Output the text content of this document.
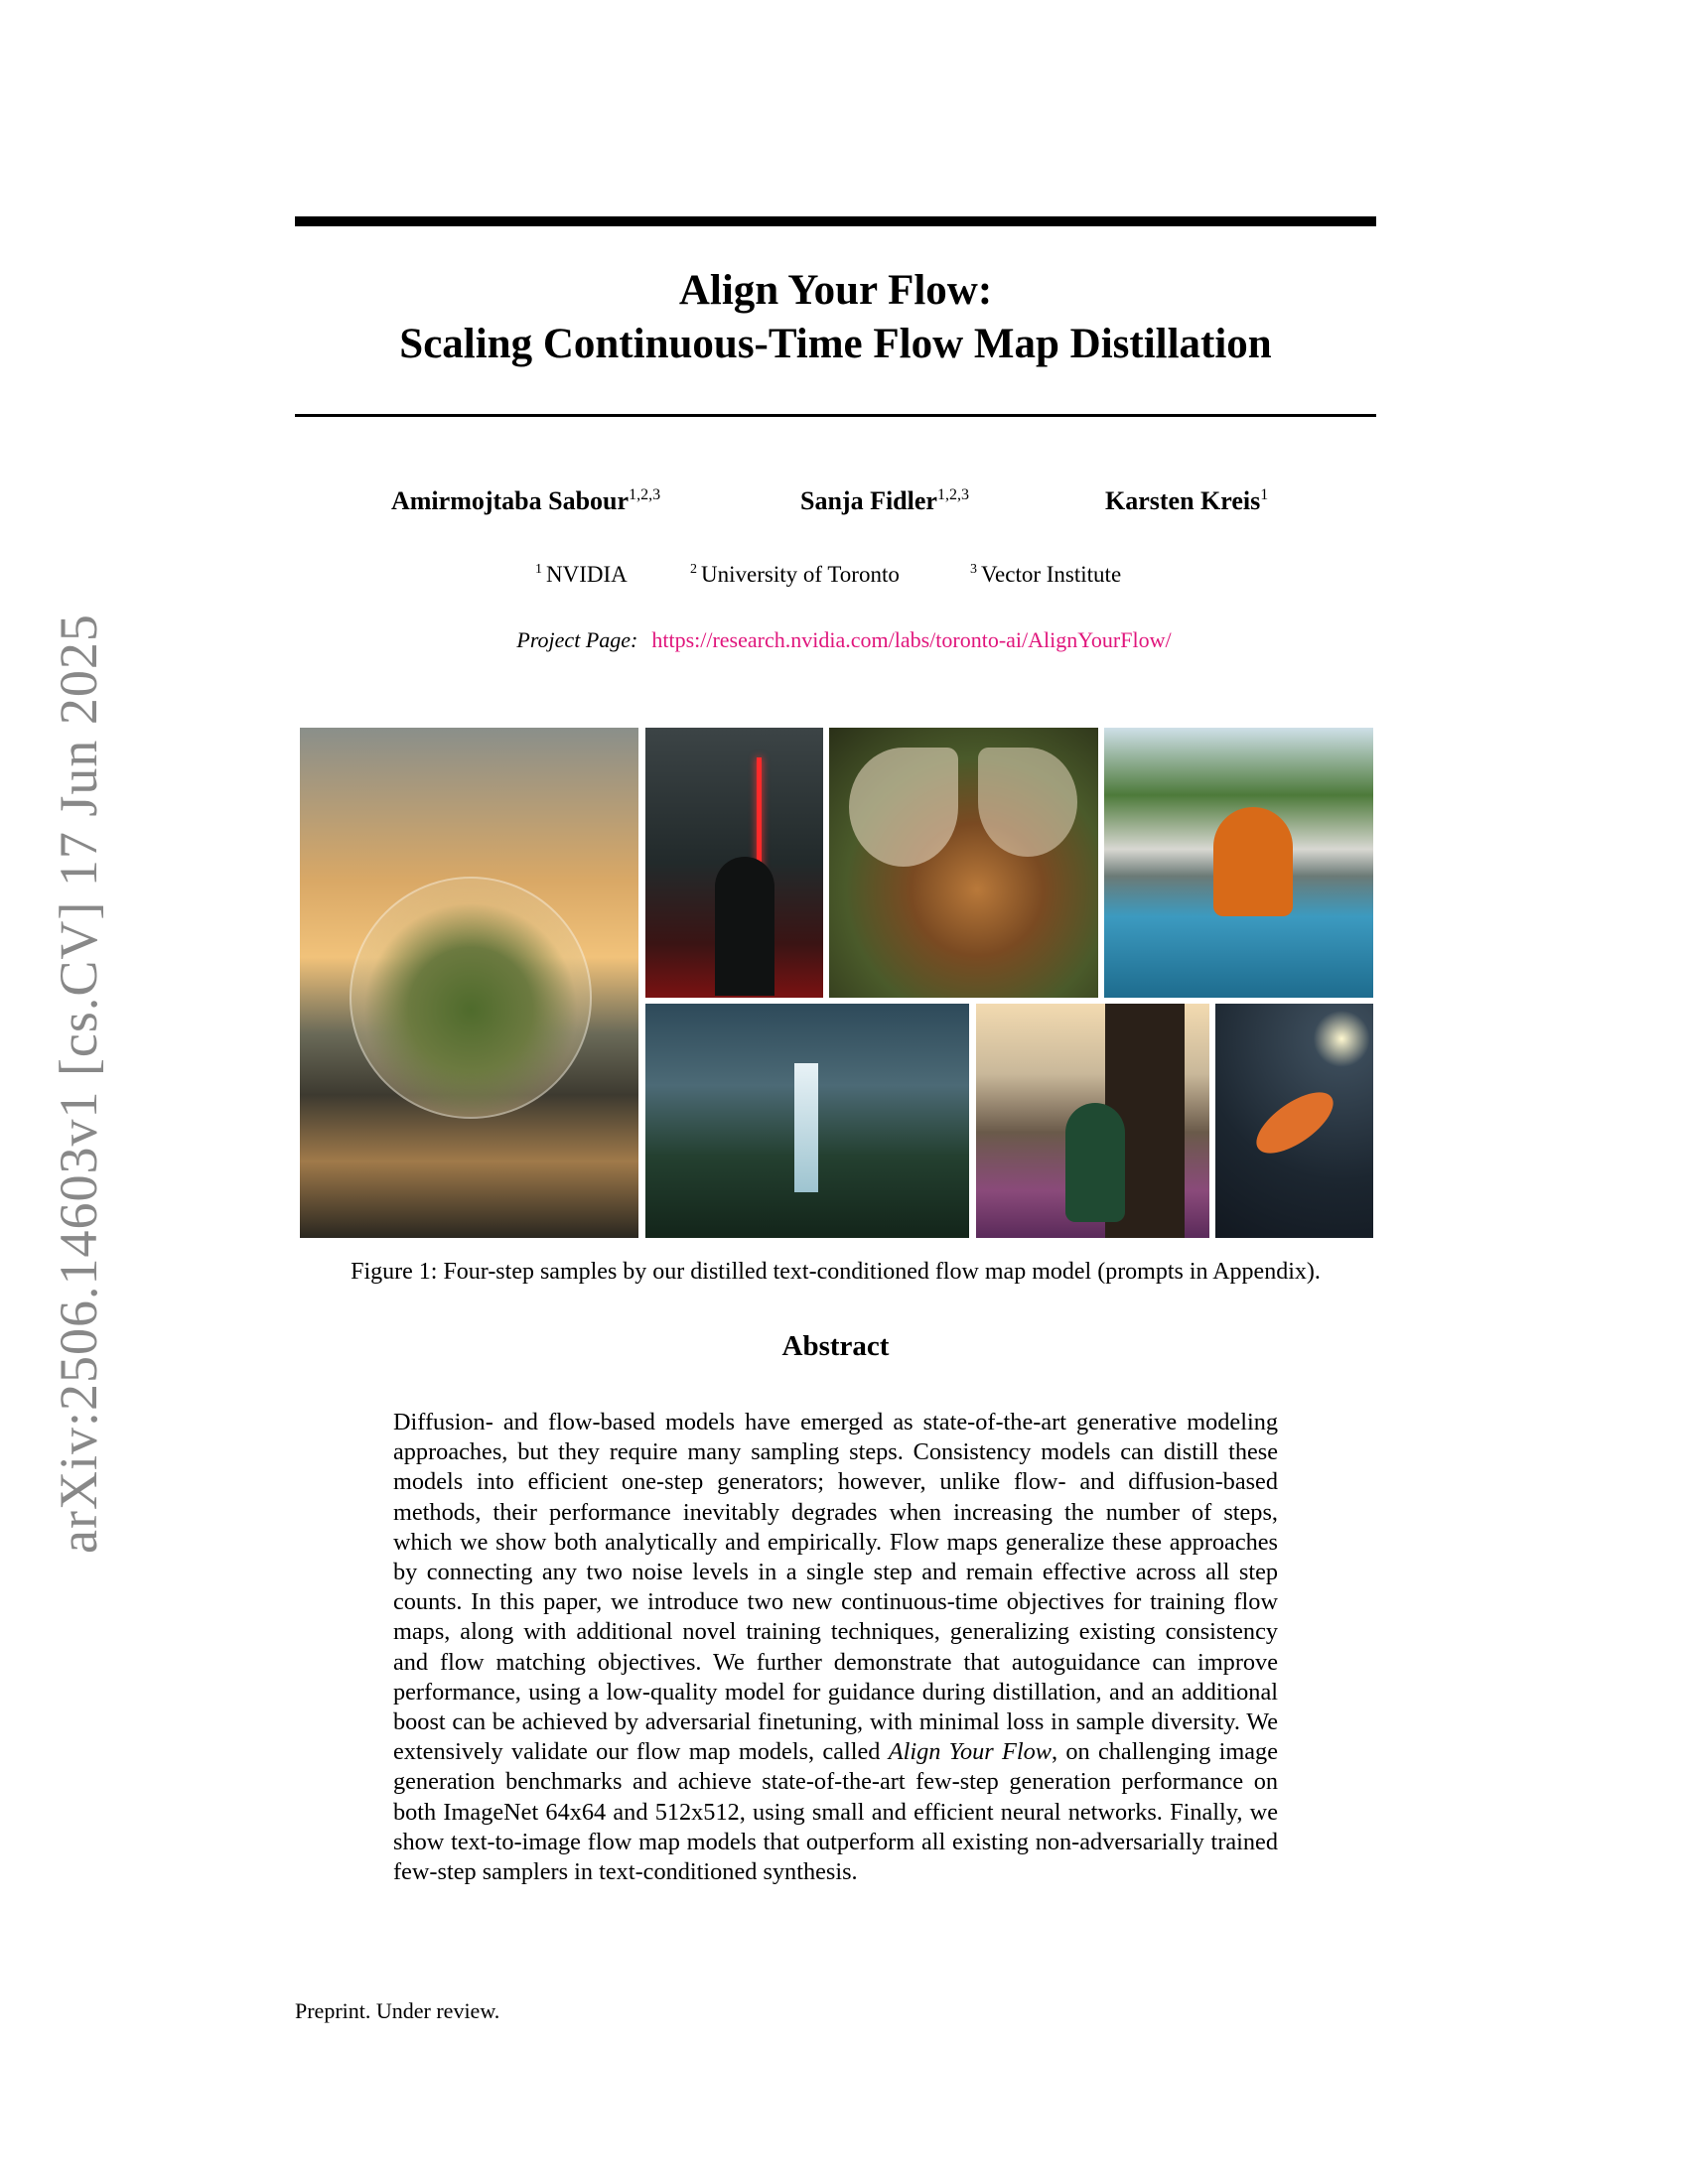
arXiv:2506.14603v1 [cs.CV] 17 Jun 2025
Align Your Flow:
Scaling Continuous-Time Flow Map Distillation
Amirmojtaba Sabour$^{1,2,3}$	Sanja Fidler$^{1,2,3}$	Karsten Kreis$^1$
$^1$ NVIDIA	$^2$ University of Toronto	$^3$ Vector Institute
Project Page: https://research.nvidia.com/labs/toronto-ai/AlignYourFlow/
Figure 1: Four-step samples by our distilled text-conditioned flow map model (prompts in Appendix).
Abstract
Diffusion- and flow-based models have emerged as state-of-the-art generative modeling approaches, but they require many sampling steps. Consistency models can distill these models into efficient one-step generators; however, unlike flow- and diffusion-based methods, their performance inevitably degrades when increasing the number of steps, which we show both analytically and empirically. Flow maps generalize these approaches by connecting any two noise levels in a single step and remain effective across all step counts. In this paper, we introduce two new continuous-time objectives for training flow maps, along with additional novel training techniques, generalizing existing consistency and flow matching objectives. We further demonstrate that autoguidance can improve performance, using a low-quality model for guidance during distillation, and an additional boost can be achieved by adversarial finetuning, with minimal loss in sample diversity. We extensively validate our flow map models, called Align Your Flow, on challenging image generation benchmarks and achieve state-of-the-art few-step generation performance on both ImageNet 64x64 and 512x512, using small and efficient neural networks. Finally, we show text-to-image flow map models that outperform all existing non-adversarially trained few-step samplers in text-conditioned synthesis.
Preprint. Under review.
